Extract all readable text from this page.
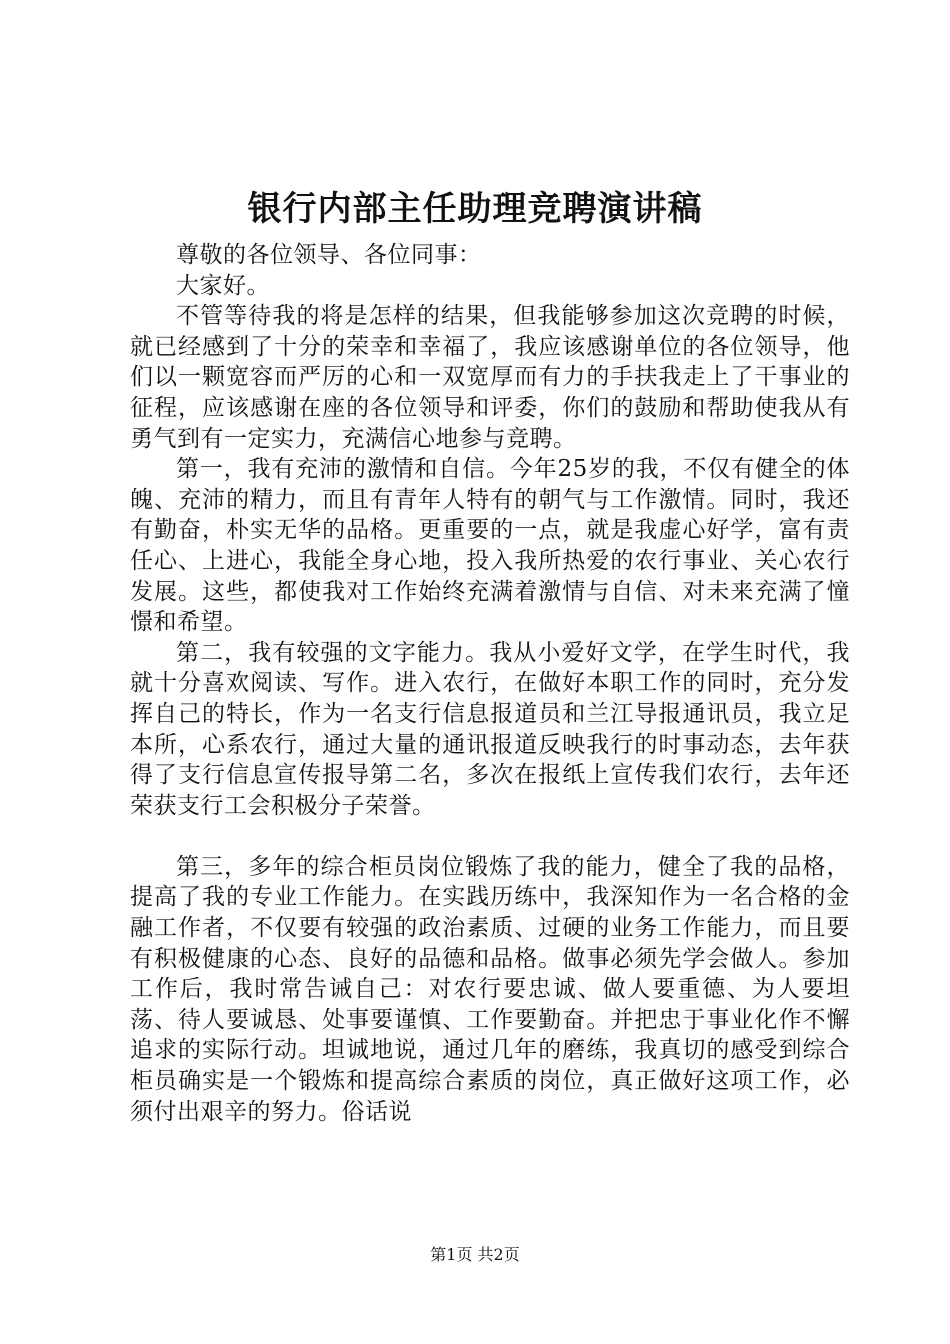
银行内部主任助理竞聘演讲稿

尊敬的各位领导、各位同事：

大家好。

不管等待我的将是怎样的结果，但我能够参加这次竞聘的时候，就已经感到了十分的荣幸和幸福了，我应该感谢单位的各位领导，他们以一颗宽容而严厉的心和一双宽厚而有力的手扶我走上了干事业的征程，应该感谢在座的各位领导和评委，你们的鼓励和帮助使我从有勇气到有一定实力，充满信心地参与竞聘。

第一，我有充沛的激情和自信。今年25岁的我，不仅有健全的体魄、充沛的精力，而且有青年人特有的朝气与工作激情。同时，我还有勤奋，朴实无华的品格。更重要的一点，就是我虚心好学，富有责任心、上进心，我能全身心地，投入我所热爱的农行事业、关心农行发展。这些，都使我对工作始终充满着激情与自信、对未来充满了憧憬和希望。

第二，我有较强的文字能力。我从小爱好文学，在学生时代，我就十分喜欢阅读、写作。进入农行，在做好本职工作的同时，充分发挥自己的特长，作为一名支行信息报道员和兰江导报通讯员，我立足本所，心系农行，通过大量的通讯报道反映我行的时事动态，去年获得了支行信息宣传报导第二名，多次在报纸上宣传我们农行，去年还荣获支行工会积极分子荣誉。

第三，多年的综合柜员岗位锻炼了我的能力，健全了我的品格，提高了我的专业工作能力。在实践历练中，我深知作为一名合格的金融工作者，不仅要有较强的政治素质、过硬的业务工作能力，而且要有积极健康的心态、良好的品德和品格。做事必须先学会做人。参加工作后，我时常告诫自己：对农行要忠诚、做人要重德、为人要坦荡、待人要诚恳、处事要谨慎、工作要勤奋。并把忠于事业化作不懈追求的实际行动。坦诚地说，通过几年的磨练，我真切的感受到综合柜员确实是一个锻炼和提高综合素质的岗位，真正做好这项工作，必须付出艰辛的努力。俗话说

第1页 共2页
